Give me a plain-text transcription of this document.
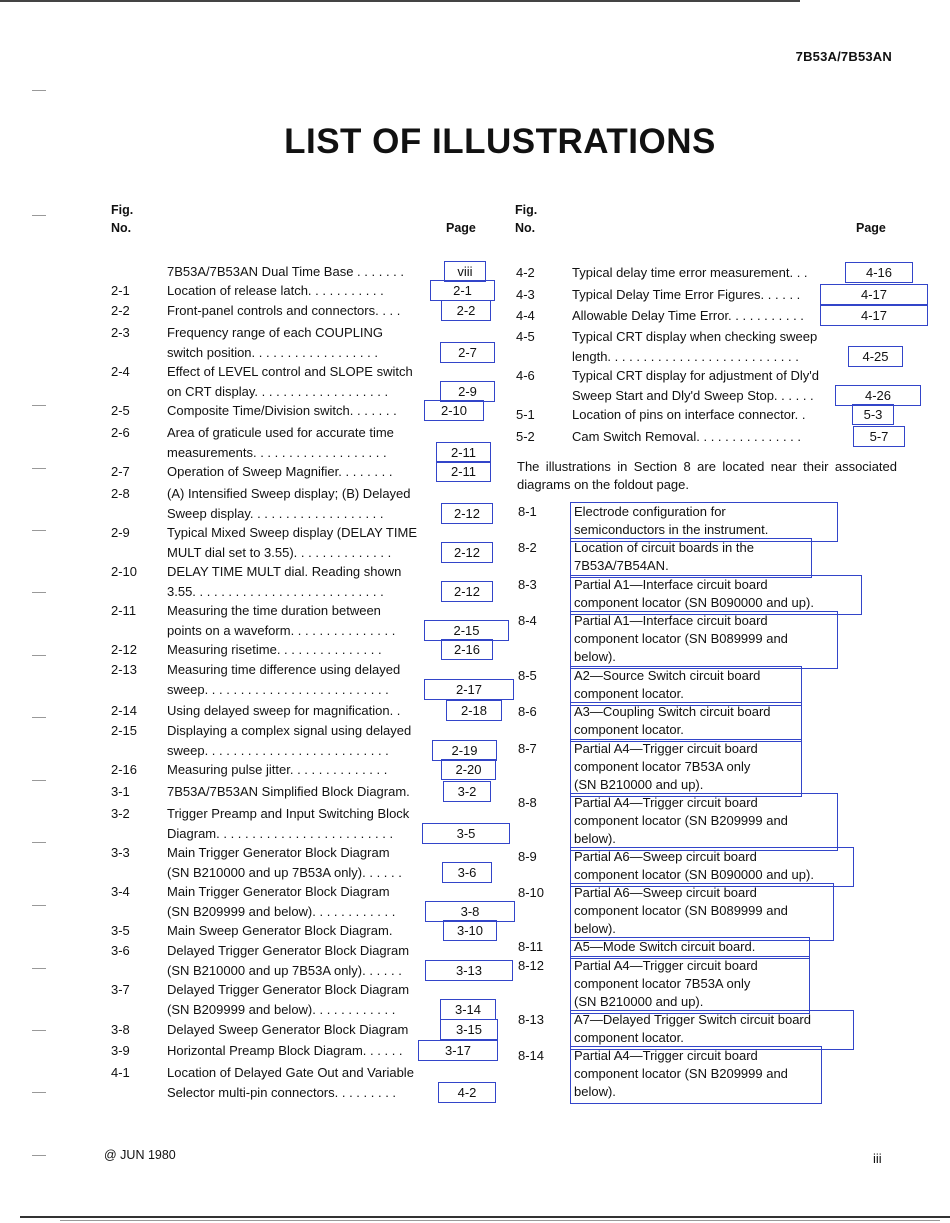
7B53A/7B53AN
LIST OF ILLUSTRATIONS
Fig.
No.	Page
Fig.
No.	Page
7B53A/7B53AN Dual Time Base . . . . . . .	viii
2-1	Location of release latch. . . . . . . . . . .	2-1
2-2	Front-panel controls and connectors. . . .	2-2
2-3	Frequency range of each COUPLING
switch position. . . . . . . . . . . . . . . . . .	2-7
2-4	Effect of LEVEL control and SLOPE switch
on CRT display. . . . . . . . . . . . . . . . . . .	2-9
2-5	Composite Time/Division switch. . . . . . .	2-10
2-6	Area of graticule used for accurate time
measurements. . . . . . . . . . . . . . . . . . .	2-11
2-7	Operation of Sweep Magnifier. . . . . . . .	2-11
2-8	(A) Intensified Sweep display; (B) Delayed
Sweep display. . . . . . . . . . . . . . . . . . .	2-12
2-9	Typical Mixed Sweep display (DELAY TIME
MULT dial set to 3.55). . . . . . . . . . . . . .	2-12
2-10 DELAY TIME MULT dial. Reading shown
3.55. . . . . . . . . . . . . . . . . . . . . . . . . . .	2-12
2-11 Measuring the time duration between
points on a waveform. . . . . . . . . . . . . . .	2-15
2-12 Measuring risetime. . . . . . . . . . . . . . .	2-16
2-13 Measuring time difference using delayed
sweep. . . . . . . . . . . . . . . . . . . . . . . . . .	2-17
2-14 Using delayed sweep for magnification. .	2-18
2-15 Displaying a complex signal using delayed
sweep. . . . . . . . . . . . . . . . . . . . . . . . . .	2-19
2-16 Measuring pulse jitter. . . . . . . . . . . . . .	2-20
3-1	7B53A/7B53AN Simplified Block Diagram.	3-2
3-2	Trigger Preamp and Input Switching Block
Diagram. . . . . . . . . . . . . . . . . . . . . . . . .	3-5
3-3	Main Trigger Generator Block Diagram
(SN B210000 and up 7B53A only). . . . . .	3-6
3-4	Main Trigger Generator Block Diagram
(SN B209999 and below). . . . . . . . . . . .	3-8
3-5	Main Sweep Generator Block Diagram.	3-10
3-6	Delayed Trigger Generator Block Diagram
(SN B210000 and up 7B53A only). . . . . .	3-13
3-7	Delayed Trigger Generator Block Diagram
(SN B209999 and below). . . . . . . . . . . .	3-14
3-8	Delayed Sweep Generator Block Diagram	3-15
3-9	Horizontal Preamp Block Diagram. . . . . .	3-17
4-1	Location of Delayed Gate Out and Variable
Selector multi-pin connectors. . . . . . . . .	4-2
4-2	Typical delay time error measurement. . .	4-16
4-3	Typical Delay Time Error Figures. . . . . .	4-17
4-4	Allowable Delay Time Error. . . . . . . . . . .	4-17
4-5	Typical CRT display when checking sweep
length. . . . . . . . . . . . . . . . . . . . . . . . . . .	4-25
4-6	Typical CRT display for adjustment of Dly'd
Sweep Start and Dly'd Sweep Stop. . . . . .	4-26
5-1	Location of pins on interface connector. .	5-3
5-2	Cam Switch Removal. . . . . . . . . . . . . . .	5-7
The illustrations in Section 8 are located near their associated diagrams on the foldout page.
8-1	Electrode configuration for
semiconductors in the instrument.
8-2	Location of circuit boards in the
7B53A/7B54AN.
8-3	Partial A1—Interface circuit board
component locator (SN B090000 and up).
8-4	Partial A1—Interface circuit board
component locator (SN B089999 and
below).
8-5	A2—Source Switch circuit board
component locator.
8-6	A3—Coupling Switch circuit board
component locator.
8-7	Partial A4—Trigger circuit board
component locator 7B53A only
(SN B210000 and up).
8-8	Partial A4—Trigger circuit board
component locator (SN B209999 and
below).
8-9	Partial A6—Sweep circuit board
component locator (SN B090000 and up).
8-10 Partial A6—Sweep circuit board
component locator (SN B089999 and
below).
8-11 A5—Mode Switch circuit board.
8-12 Partial A4—Trigger circuit board
component locator 7B53A only
(SN B210000 and up).
8-13 A7—Delayed Trigger Switch circuit board
component locator.
8-14 Partial A4—Trigger circuit board
component locator (SN B209999 and
below).
@ JUN 1980	iii
